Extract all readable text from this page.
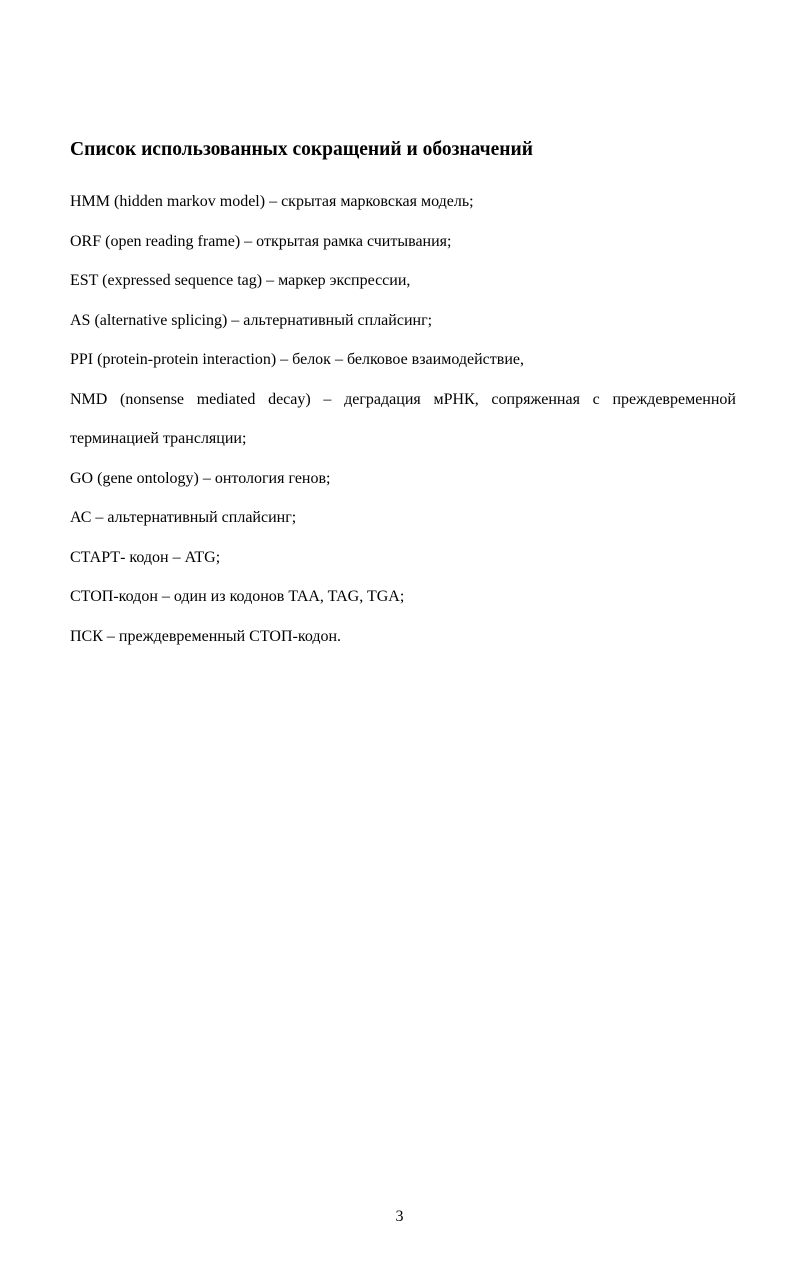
Список использованных сокращений и обозначений

HMM (hidden markov model) – скрытая марковская модель;

ORF (open reading frame) – открытая рамка считывания;

EST (expressed sequence tag) – маркер экспрессии,

AS (alternative splicing) – альтернативный сплайсинг;

PPI (protein-protein interaction) – белок – белковое взаимодействие,

NMD (nonsense mediated decay) – деградация мРНК, сопряженная с преждевременной терминацией трансляции;

GO (gene ontology) – онтология генов;

АС – альтернативный сплайсинг;

СТАРТ- кодон – ATG;

СТОП-кодон – один из кодонов TAA, TAG, TGA;

ПСК – преждевременный СТОП-кодон.

3
